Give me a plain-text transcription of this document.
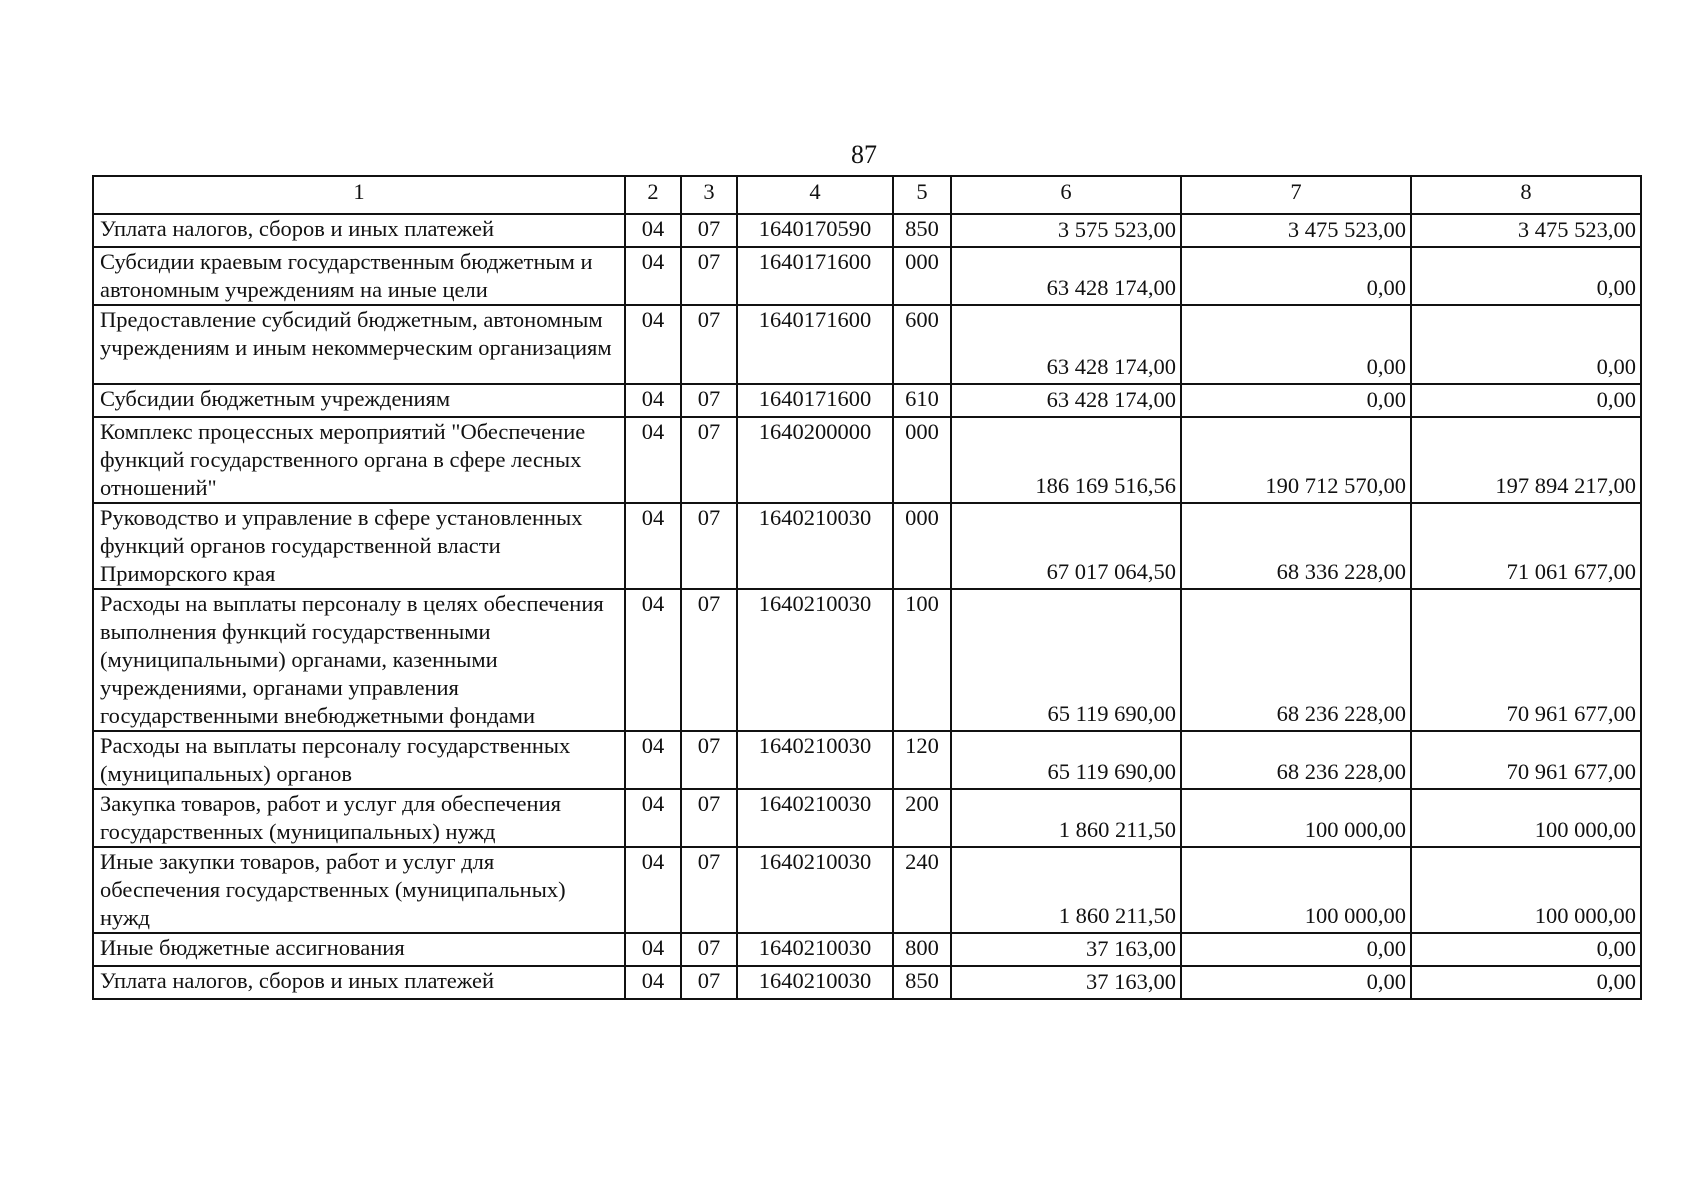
87
1	2	3	4	5	6	7	8
Уплата налогов, сборов и иных платежей	04	07	1640170590	850	3 575 523,00	3 475 523,00	3 475 523,00
Субсидии краевым государственным бюджетным и автономным учреждениям на иные цели	04	07	1640171600	000	63 428 174,00	0,00	0,00
Предоставление субсидий бюджетным, автономным учреждениям и иным некоммерческим организациям	04	07	1640171600	600	63 428 174,00	0,00	0,00
Субсидии бюджетным учреждениям	04	07	1640171600	610	63 428 174,00	0,00	0,00
Комплекс процессных мероприятий "Обеспечение функций государственного органа в сфере лесных отношений"	04	07	1640200000	000	186 169 516,56	190 712 570,00	197 894 217,00
Руководство и управление в сфере установленных функций органов государственной власти Приморского края	04	07	1640210030	000	67 017 064,50	68 336 228,00	71 061 677,00
Расходы на выплаты персоналу в целях обеспечения выполнения функций государственными (муниципальными) органами, казенными учреждениями, органами управления государственными внебюджетными фондами	04	07	1640210030	100	65 119 690,00	68 236 228,00	70 961 677,00
Расходы на выплаты персоналу государственных (муниципальных) органов	04	07	1640210030	120	65 119 690,00	68 236 228,00	70 961 677,00
Закупка товаров, работ и услуг для обеспечения государственных (муниципальных) нужд	04	07	1640210030	200	1 860 211,50	100 000,00	100 000,00
Иные закупки товаров, работ и услуг для обеспечения государственных (муниципальных) нужд	04	07	1640210030	240	1 860 211,50	100 000,00	100 000,00
Иные бюджетные ассигнования	04	07	1640210030	800	37 163,00	0,00	0,00
Уплата налогов, сборов и иных платежей	04	07	1640210030	850	37 163,00	0,00	0,00
